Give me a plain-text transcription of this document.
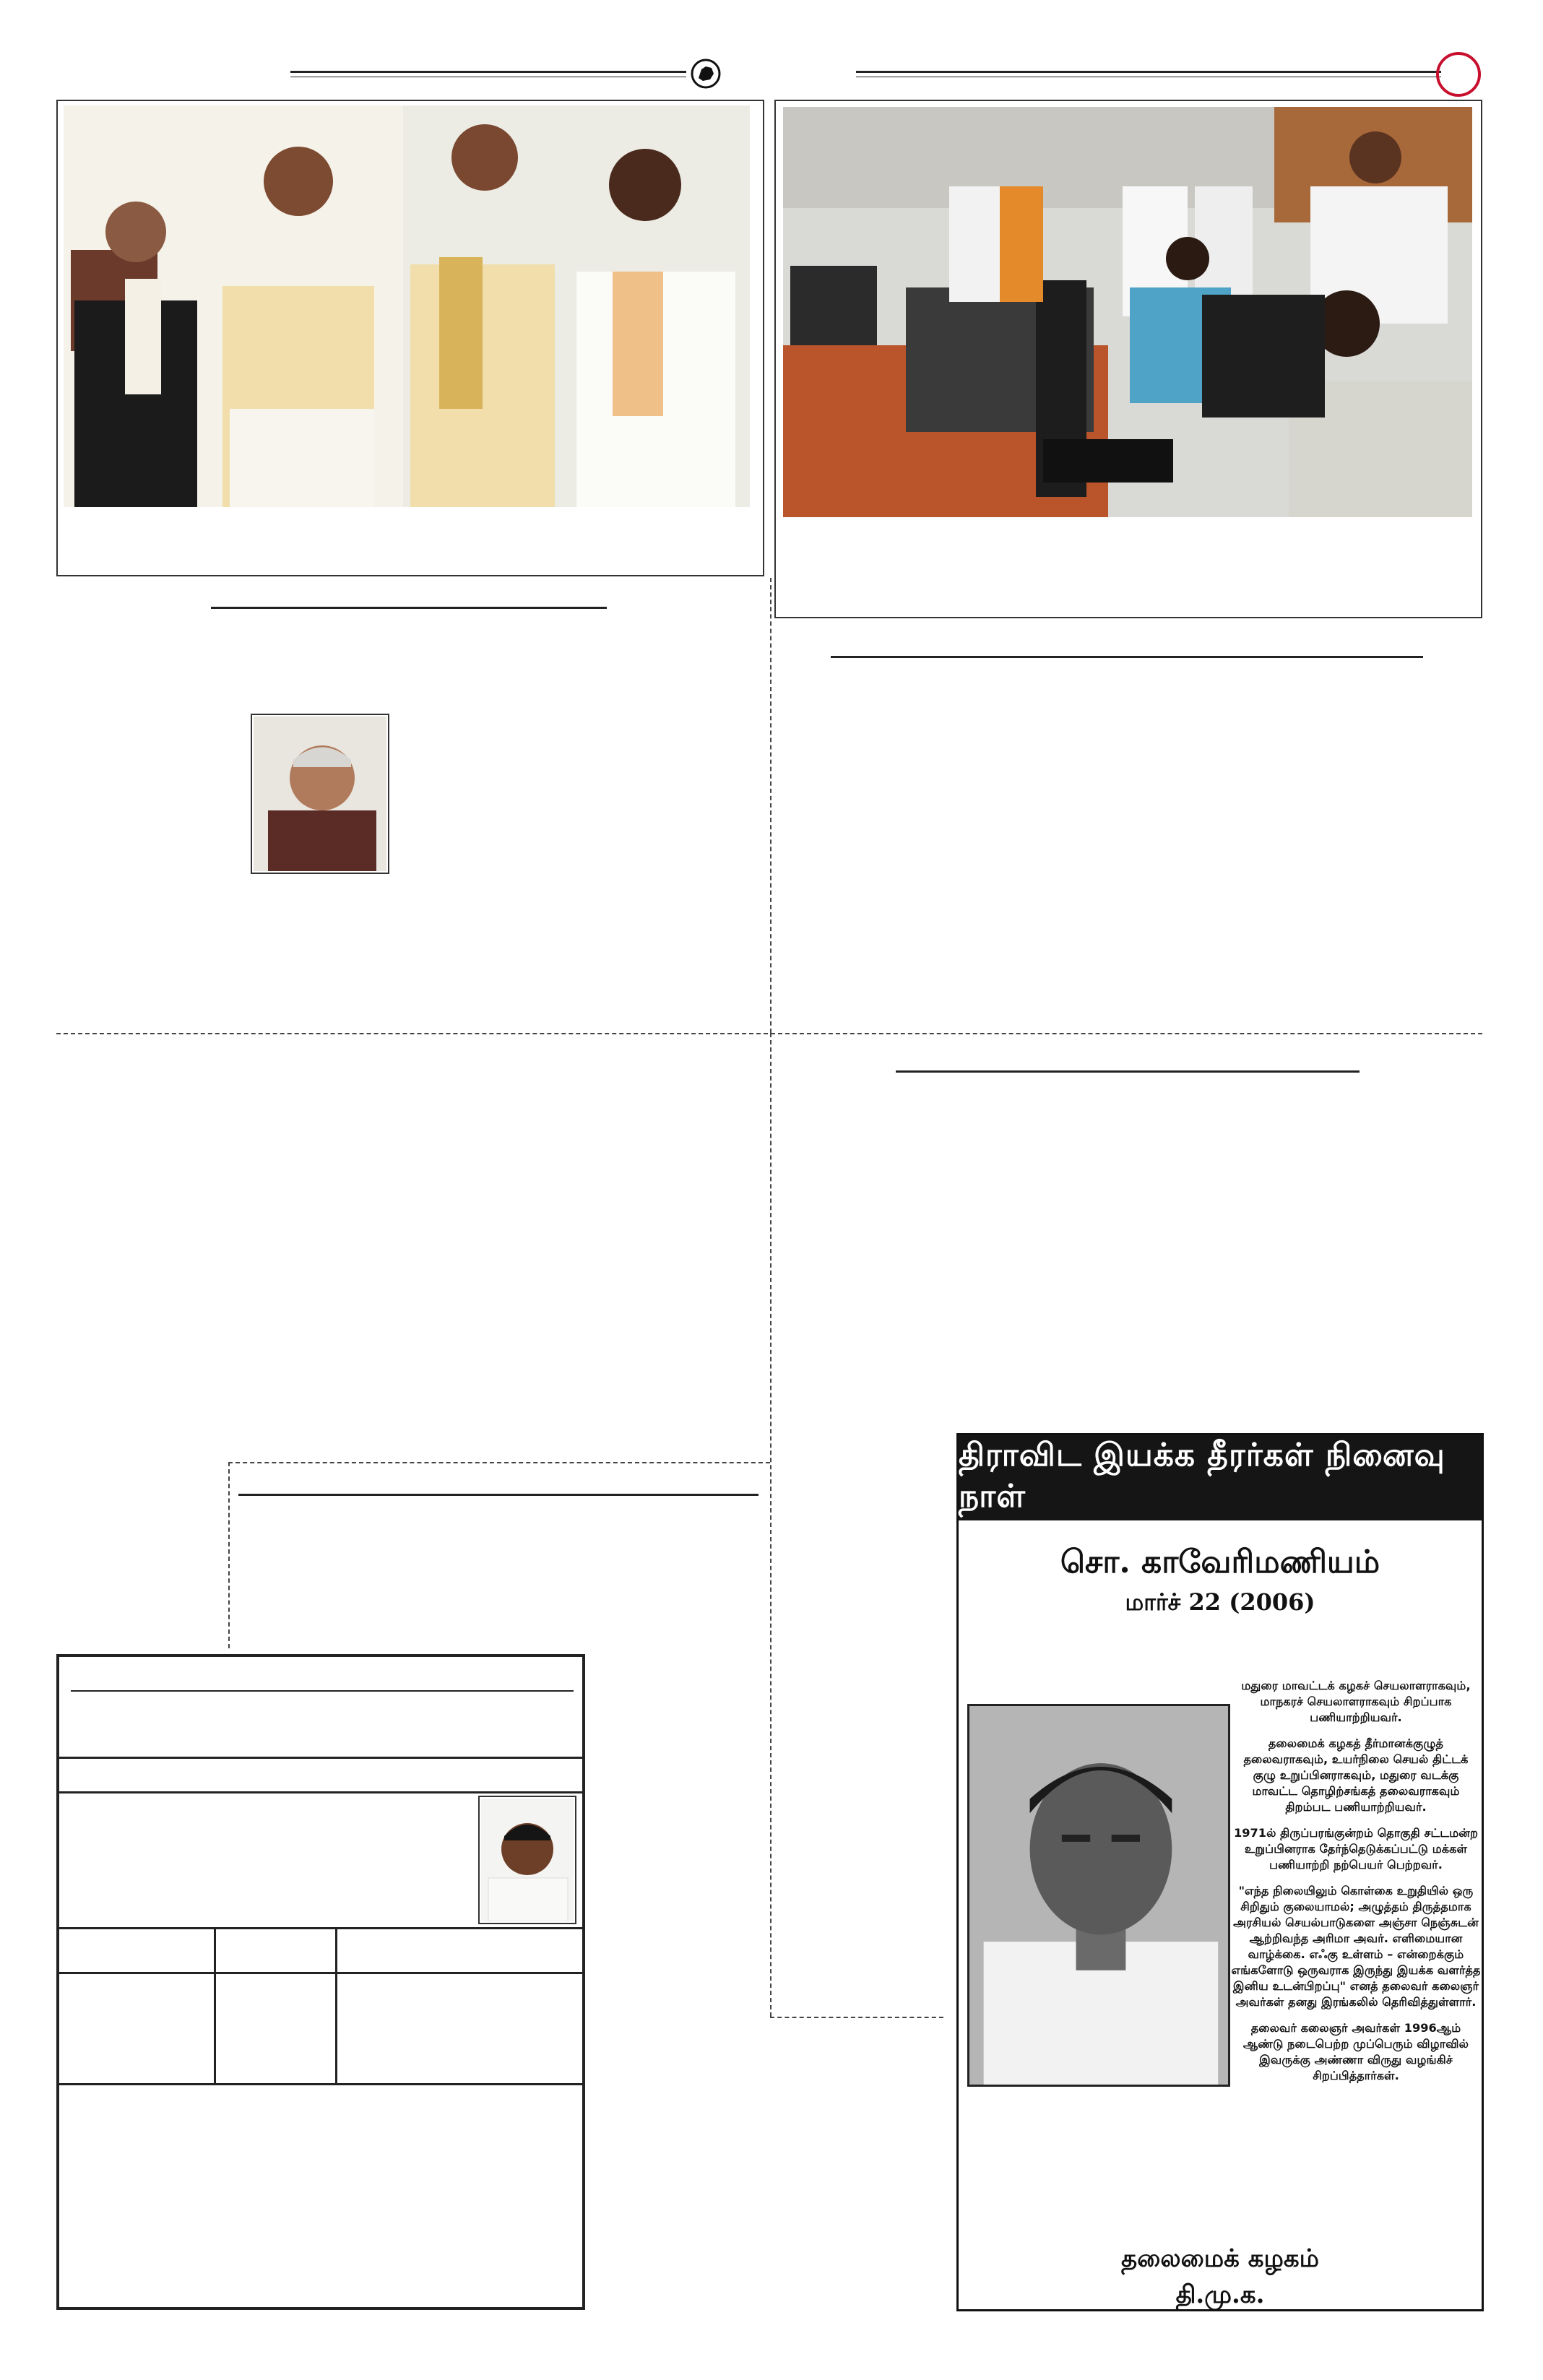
திராவிட இயக்க தீரர்கள் நினைவு நாள்
சொ. காவேரிமணியம்
மார்ச் 22 (2006)

மதுரை மாவட்டக் கழகச் செயலாளராகவும், மாநகரச் செயலாளராகவும் சிறப்பாக பணியாற்றியவர்.

தலைமைக் கழகத் தீர்மானக்குழுத் தலைவராகவும், உயர்நிலை செயல் திட்டக் குழு உறுப்பினராகவும், மதுரை வடக்கு மாவட்ட தொழிற்சங்கத் தலைவராகவும் திறம்பட பணியாற்றியவர்.

1971ல் திருப்பரங்குன்றம் தொகுதி சட்டமன்ற உறுப்பினராக தேர்ந்தெடுக்கப்பட்டு மக்கள் பணியாற்றி நற்பெயர் பெற்றவர்.

"எந்த நிலையிலும் கொள்கை உறுதியில் ஒரு சிறிதும் குலையாமல்; அழுத்தம் திருத்தமாக அரசியல் செயல்பாடுகளை அஞ்சா நெஞ்சுடன் ஆற்றிவந்த அரிமா அவர். எளிமையான வாழ்க்கை. எஃகு உள்ளம் – என்றைக்கும் எங்களோடு ஒருவராக இருந்து இயக்க வளர்த்த இனிய உடன்பிறப்பு" எனத் தலைவர் கலைஞர் அவர்கள் தனது இரங்கலில் தெரிவித்துள்ளார்.

தலைவர் கலைஞர் அவர்கள் 1996ஆம் ஆண்டு நடைபெற்ற முப்பெரும் விழாவில் இவருக்கு அண்ணா விருது வழங்கிச் சிறப்பித்தார்கள்.

தலைமைக் கழகம்
தி.மு.க.
